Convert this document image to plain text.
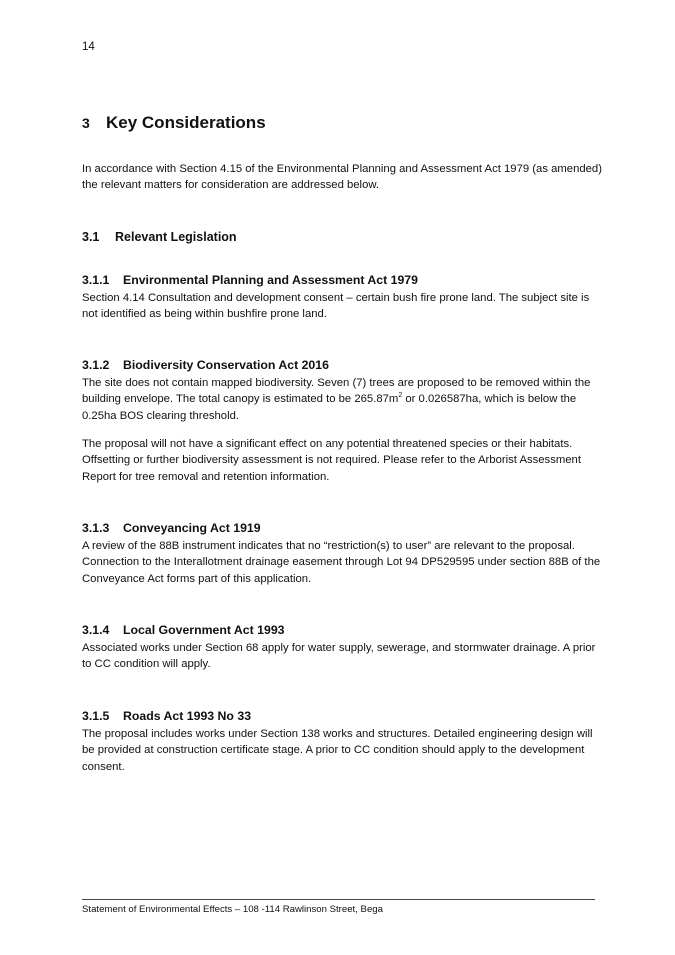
14
3 Key Considerations
In accordance with Section 4.15 of the Environmental Planning and Assessment Act 1979 (as amended) the relevant matters for consideration are addressed below.
3.1 Relevant Legislation
3.1.1 Environmental Planning and Assessment Act 1979
Section 4.14 Consultation and development consent – certain bush fire prone land. The subject site is not identified as being within bushfire prone land.
3.1.2 Biodiversity Conservation Act 2016
The site does not contain mapped biodiversity. Seven (7) trees are proposed to be removed within the building envelope. The total canopy is estimated to be $265.87m^2$ or 0.026587ha, which is below the 0.25ha BOS clearing threshold.
The proposal will not have a significant effect on any potential threatened species or their habitats. Offsetting or further biodiversity assessment is not required. Please refer to the Arborist Assessment Report for tree removal and retention information.
3.1.3 Conveyancing Act 1919
A review of the 88B instrument indicates that no “restriction(s) to user” are relevant to the proposal. Connection to the Interallotment drainage easement through Lot 94 DP529595 under section 88B of the Conveyance Act forms part of this application.
3.1.4 Local Government Act 1993
Associated works under Section 68 apply for water supply, sewerage, and stormwater drainage. A prior to CC condition will apply.
3.1.5 Roads Act 1993 No 33
The proposal includes works under Section 138 works and structures. Detailed engineering design will be provided at construction certificate stage. A prior to CC condition should apply to the development consent.
Statement of Environmental Effects – 108 -114 Rawlinson Street, Bega
